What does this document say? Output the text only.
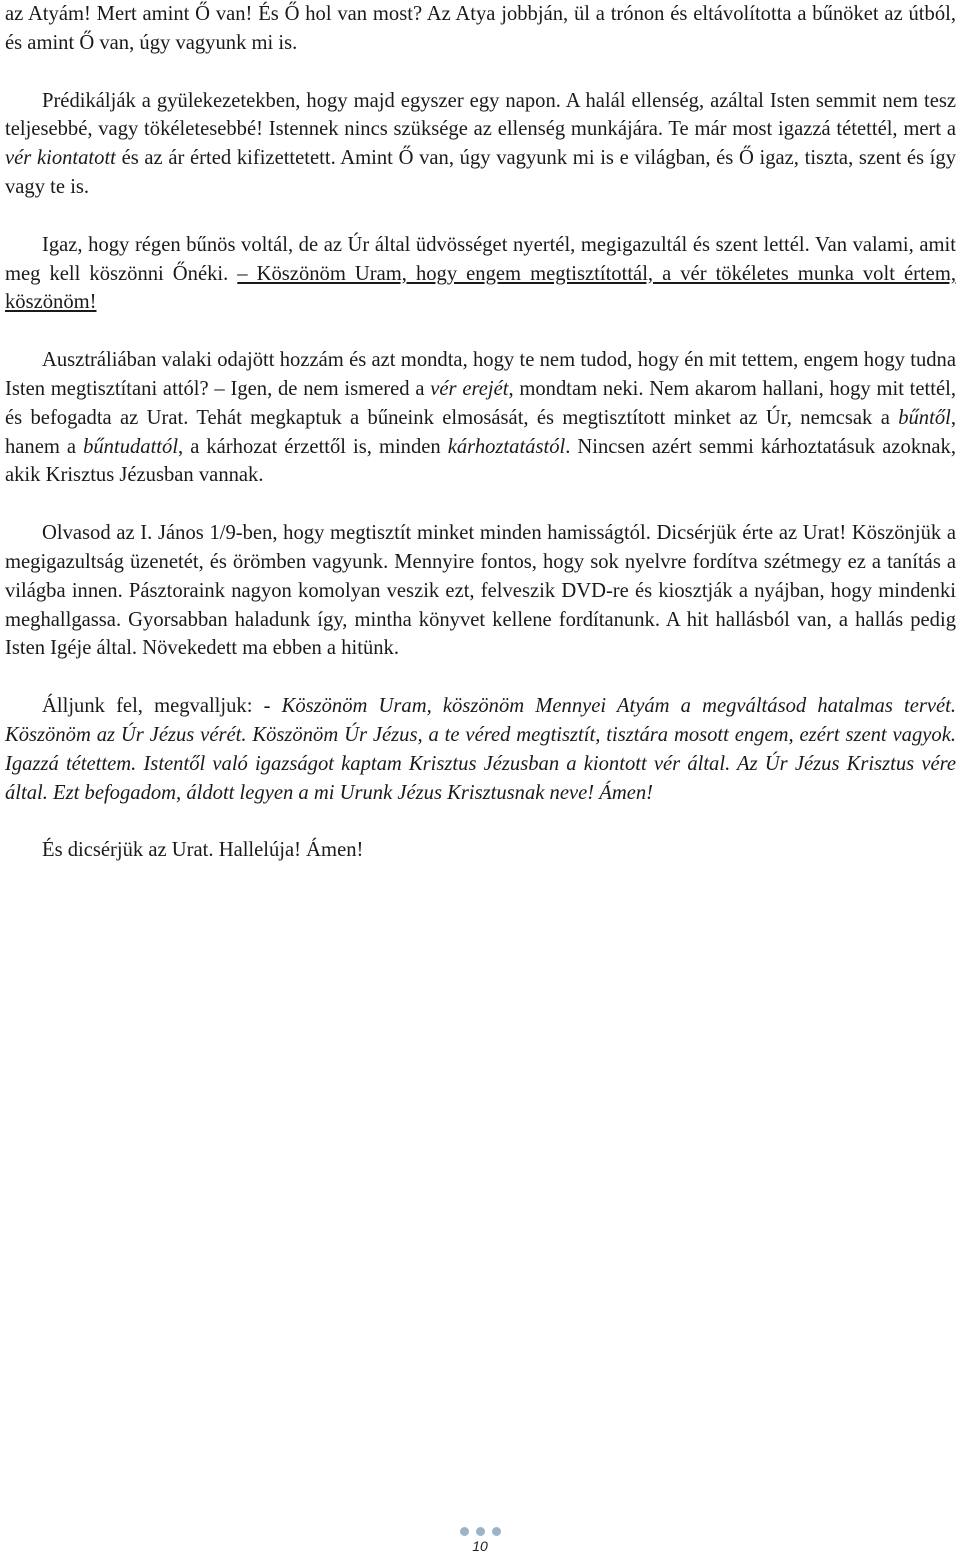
az Atyám! Mert amint Ő van! És Ő hol van most? Az Atya jobbján, ül a trónon és eltávolította a bűnöket az útból, és amint Ő van, úgy vagyunk mi is.

Prédikálják a gyülekezetekben, hogy majd egyszer egy napon. A halál ellenség, azáltal Isten semmit nem tesz teljesebbé, vagy tökéletesebbé! Istennek nincs szüksége az ellenség munkájára. Te már most igazzá tétettél, mert a vér kiontatott és az ár érted kifizettetett. Amint Ő van, úgy vagyunk mi is e világban, és Ő igaz, tiszta, szent és így vagy te is.

Igaz, hogy régen bűnös voltál, de az Úr által üdvösséget nyertél, megigazultál és szent lettél. Van valami, amit meg kell köszönni Őnéki. – Köszönöm Uram, hogy engem megtisztítottál, a vér tökéletes munka volt értem, köszönöm!

Ausztráliában valaki odajött hozzám és azt mondta, hogy te nem tudod, hogy én mit tettem, engem hogy tudna Isten megtisztítani attól? – Igen, de nem ismered a vér erejét, mondtam neki. Nem akarom hallani, hogy mit tettél, és befogadta az Urat. Tehát megkaptuk a bűneink elmosását, és megtisztított minket az Úr, nemcsak a bűntől, hanem a bűntudattól, a kárhozat érzettől is, minden kárhoztatástól. Nincsen azért semmi kárhoztatásuk azoknak, akik Krisztus Jézusban vannak.

Olvasod az I. János 1/9-ben, hogy megtisztít minket minden hamisságtól. Dicsérjük érte az Urat! Köszönjük a megigazultság üzenetét, és örömben vagyunk. Mennyire fontos, hogy sok nyelvre fordítva szétmegy ez a tanítás a világba innen. Pásztoraink nagyon komolyan veszik ezt, felveszik DVD-re és kiosztják a nyájban, hogy mindenki meghallgassa. Gyorsabban haladunk így, mintha könyvet kellene fordítanunk. A hit hallásból van, a hallás pedig Isten Igéje által. Növekedett ma ebben a hitünk.

Álljunk fel, megvalljuk: - Köszönöm Uram, köszönöm Mennyei Atyám a megváltásod hatalmas tervét. Köszönöm az Úr Jézus vérét. Köszönöm Úr Jézus, a te véred megtisztít, tisztára mosott engem, ezért szent vagyok. Igazzá tétettem. Istentől való igazságot kaptam Krisztus Jézusban a kiontott vér által. Az Úr Jézus Krisztus vére által. Ezt befogadom, áldott legyen a mi Urunk Jézus Krisztusnak neve! Ámen!

És dicsérjük az Urat. Hallelúja! Ámen!

10
